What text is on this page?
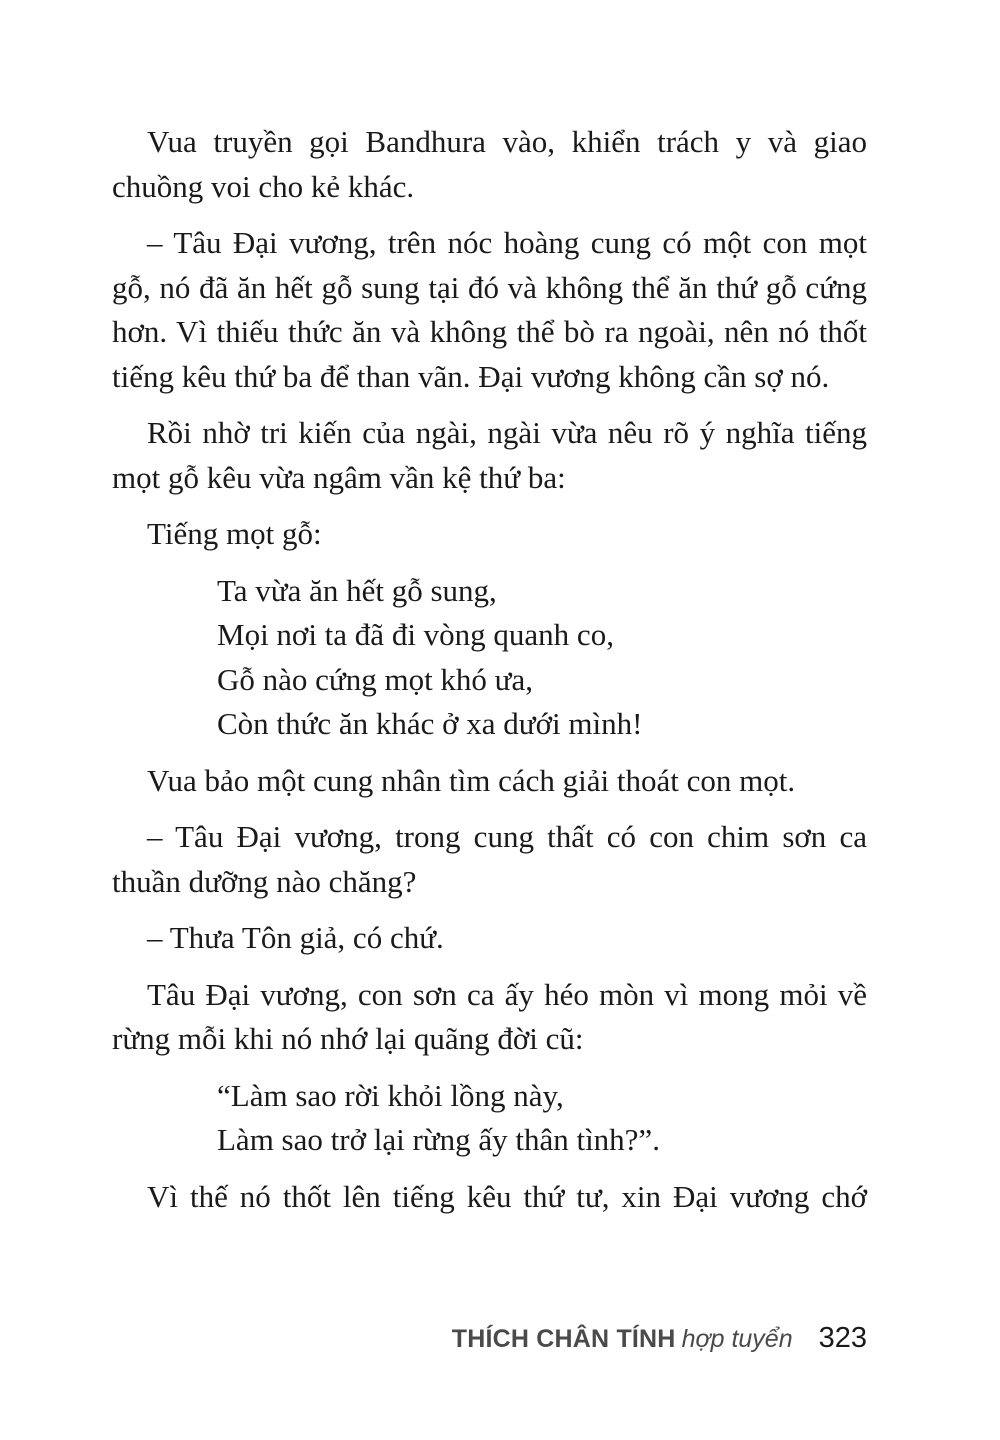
Vua truyền gọi Bandhura vào, khiển trách y và giao chuồng voi cho kẻ khác.

– Tâu Đại vương, trên nóc hoàng cung có một con mọt gỗ, nó đã ăn hết gỗ sung tại đó và không thể ăn thứ gỗ cứng hơn. Vì thiếu thức ăn và không thể bò ra ngoài, nên nó thốt tiếng kêu thứ ba để than vãn. Đại vương không cần sợ nó.

Rồi nhờ tri kiến của ngài, ngài vừa nêu rõ ý nghĩa tiếng mọt gỗ kêu vừa ngâm vần kệ thứ ba:

Tiếng mọt gỗ:

Ta vừa ăn hết gỗ sung,
Mọi nơi ta đã đi vòng quanh co,
Gỗ nào cứng mọt khó ưa,
Còn thức ăn khác ở xa dưới mình!

Vua bảo một cung nhân tìm cách giải thoát con mọt.

– Tâu Đại vương, trong cung thất có con chim sơn ca thuần dưỡng nào chăng?

– Thưa Tôn giả, có chứ.

Tâu Đại vương, con sơn ca ấy héo mòn vì mong mỏi về rừng mỗi khi nó nhớ lại quãng đời cũ:

“Làm sao rời khỏi lồng này,
Làm sao trở lại rừng ấy thân tình?”.

Vì thế nó thốt lên tiếng kêu thứ tư, xin Đại vương chớ

THÍCH CHÂN TÍNH hợp tuyển 323
